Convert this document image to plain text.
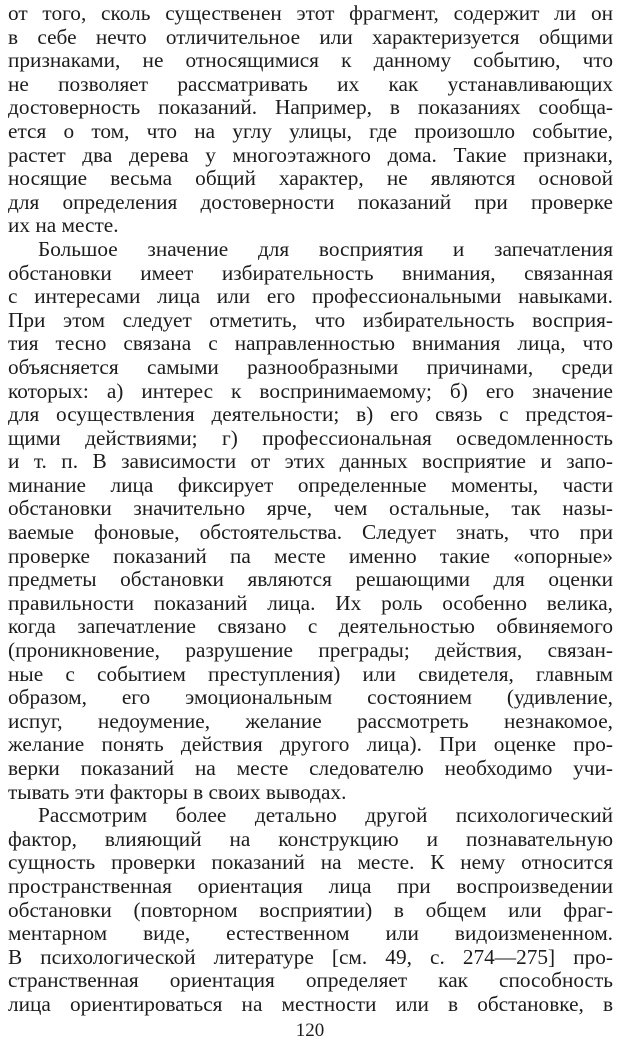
от того, сколь существенен этот фрагмент, содержит ли он
в себе нечто отличительное или характеризуется общими
признаками, не относящимися к данному событию, что
не позволяет рассматривать их как устанавливающих
достоверность показаний. Например, в показаниях сообща-
ется о том, что на углу улицы, где произошло событие,
растет два дерева у многоэтажного дома. Такие признаки,
носящие весьма общий характер, не являются основой
для определения достоверности показаний при проверке
их на месте.
Большое значение для восприятия и запечатления
обстановки имеет избирательность внимания, связанная
с интересами лица или его профессиональными навыками.
При этом следует отметить, что избирательность восприя-
тия тесно связана с направленностью внимания лица, что
объясняется самыми разнообразными причинами, среди
которых: а) интерес к воспринимаемому; б) его значение
для осуществления деятельности; в) его связь с предстоя-
щими действиями; г) профессиональная осведомленность
и т. п. В зависимости от этих данных восприятие и запо-
минание лица фиксирует определенные моменты, части
обстановки значительно ярче, чем остальные, так назы-
ваемые фоновые, обстоятельства. Следует знать, что при
проверке показаний па месте именно такие «опорные»
предметы обстановки являются решающими для оценки
правильности показаний лица. Их роль особенно велика,
когда запечатление связано с деятельностью обвиняемого
(проникновение, разрушение преграды; действия, связан-
ные с событием преступления) или свидетеля, главным
образом, его эмоциональным состоянием (удивление,
испуг, недоумение, желание рассмотреть незнакомое,
желание понять действия другого лица). При оценке про-
верки показаний на месте следователю необходимо учи-
тывать эти факторы в своих выводах.
Рассмотрим более детально другой психологический
фактор, влияющий на конструкцию и познавательную
сущность проверки показаний на месте. К нему относится
пространственная ориентация лица при воспроизведении
обстановки (повторном восприятии) в общем или фраг-
ментарном виде, естественном или видоизмененном.
В психологической литературе [см. 49, с. 274—275] про-
странственная ориентация определяет как способность
лица ориентироваться на местности или в обстановке, в
120
